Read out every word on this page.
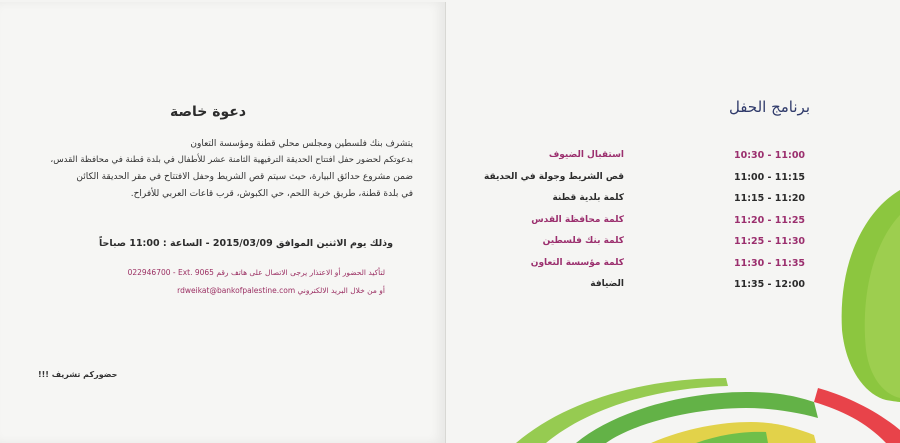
دعوة خاصة
يتشرف بنك فلسطين ومجلس محلي قطنة ومؤسسة التعاون
بدعوتكم لحضور حفل افتتاح الحديقة الترفيهية الثامنة عشر للأطفال في بلدة قطنة في محافظة القدس،
ضمن مشروع حدائق البيارة، حيث سيتم قص الشريط وحفل الافتتاح في مقر الحديقة الكائن
في بلدة قطنة، طريق خربة اللحم، حي الكبوش، قرب قاعات العربي للأفراح.
وذلك يوم الاثنين الموافق 2015/03/09 - الساعة : 11:00 صباحاً
لتأكيد الحضور أو الاعتذار يرجى الاتصال على هاتف رقم 022946700 - Ext. 9065
أو من خلال البريد الالكتروني rdweikat@bankofpalestine.com
حضوركم تشريف !!!
برنامج الحفل
استقبال الضيوف	10:30 - 11:00
قص الشريط وجولة في الحديقة	11:00 - 11:15
كلمة بلدية قطنة	11:15 - 11:20
كلمة محافظة القدس	11:20 - 11:25
كلمة بنك فلسطين	11:25 - 11:30
كلمة مؤسسة التعاون	11:30 - 11:35
الضيافة	11:35 - 12:00
